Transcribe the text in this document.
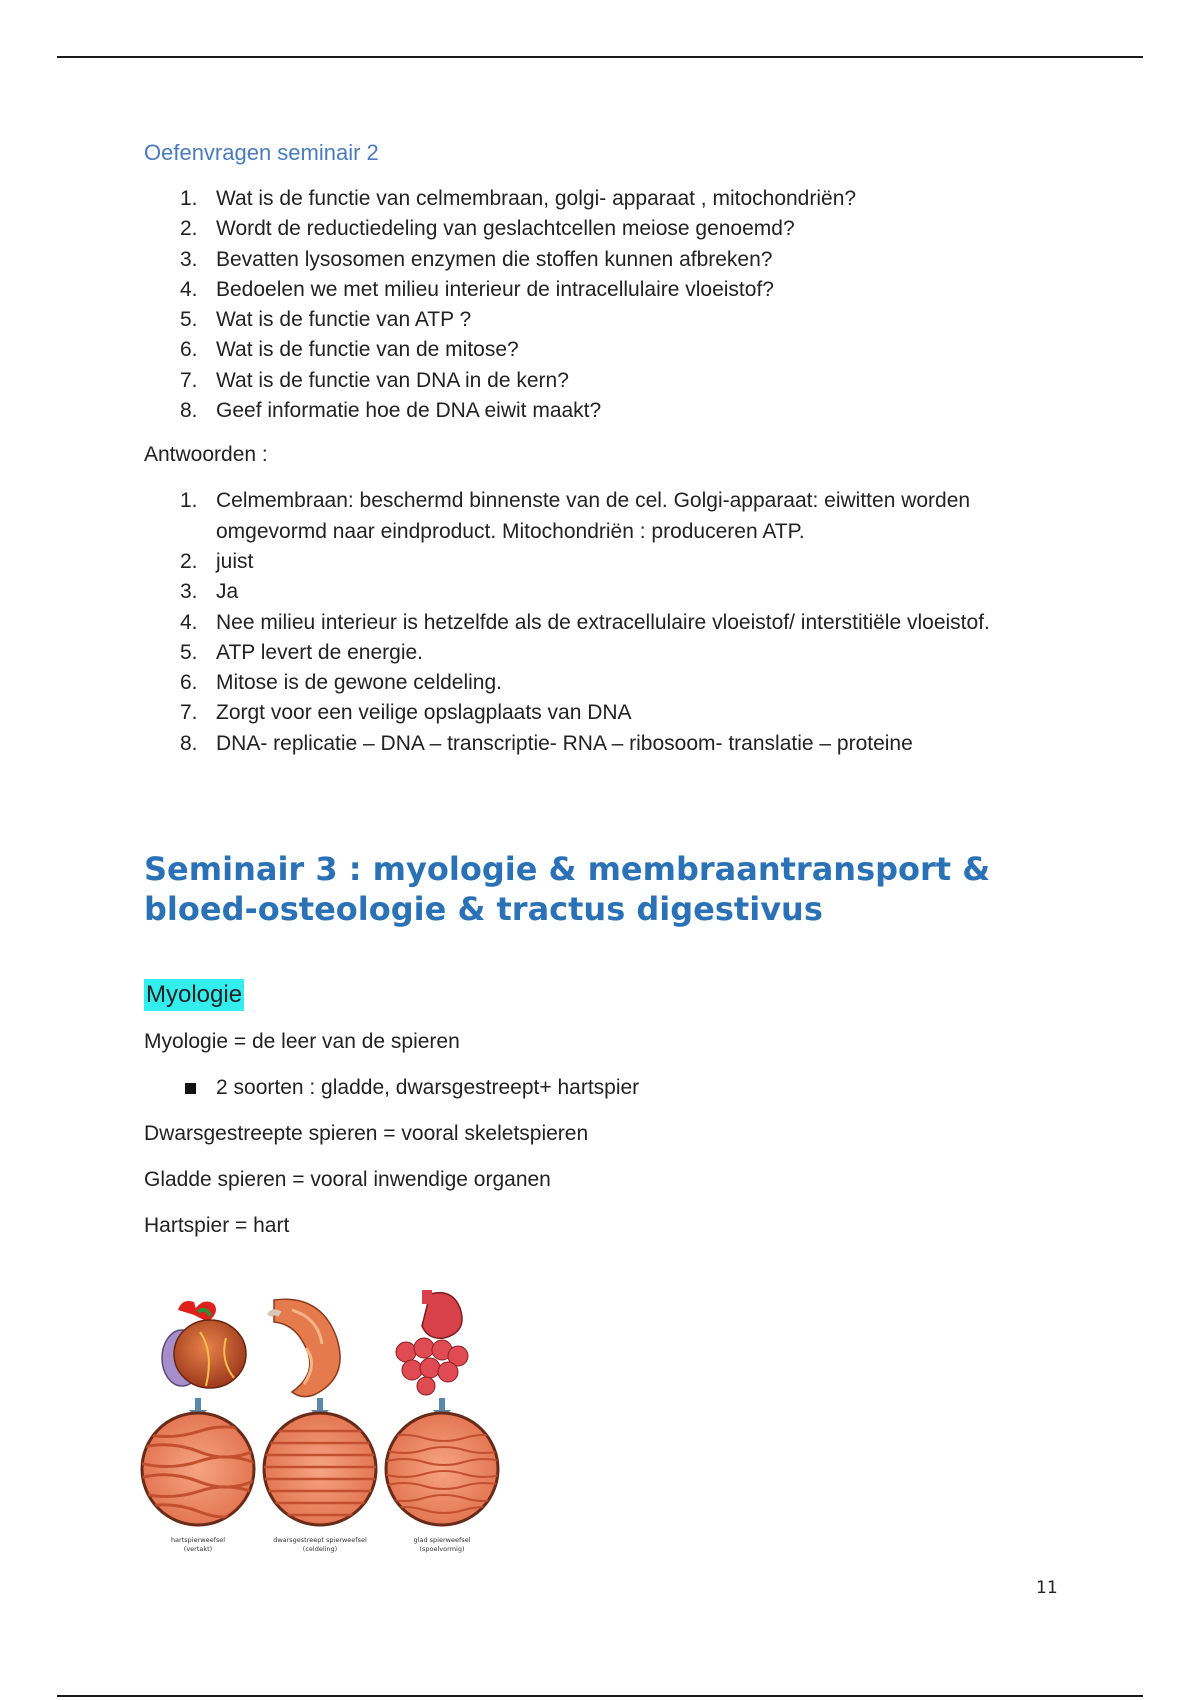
Oefenvragen seminair 2
1. Wat is de functie van celmembraan, golgi- apparaat , mitochondriën?
2. Wordt de reductiedeling van geslachtcellen meiose genoemd?
3. Bevatten lysosomen enzymen die stoffen kunnen afbreken?
4. Bedoelen we met milieu interieur de intracellulaire vloeistof?
5. Wat is de functie van ATP ?
6. Wat is de functie van de mitose?
7. Wat is de functie van DNA in de kern?
8. Geef informatie hoe de DNA eiwit maakt?

Antwoorden :

1. Celmembraan: beschermd binnenste van de cel. Golgi-apparaat: eiwitten worden omgevormd naar eindproduct. Mitochondriën : produceren ATP.
2. juist
3. Ja
4. Nee milieu interieur is hetzelfde als de extracellulaire vloeistof/ interstitiële vloeistof.
5. ATP levert de energie.
6. Mitose is de gewone celdeling.
7. Zorgt voor een veilige opslagplaats van DNA
8. DNA- replicatie – DNA – transcriptie- RNA – ribosoom- translatie – proteine
Seminair 3 : myologie & membraantransport & bloed-osteologie & tractus digestivus
Myologie

Myologie = de leer van de spieren

2 soorten : gladde, dwarsgestreept+ hartspier

Dwarsgestreepte spieren = vooral skeletspieren

Gladde spieren = vooral inwendige organen

Hartspier = hart

hartspierweefsel
(vertakt)
dwarsgestreept spierweefsel
(celdeling)
glad spierweefsel
(spoelvormig)
11
